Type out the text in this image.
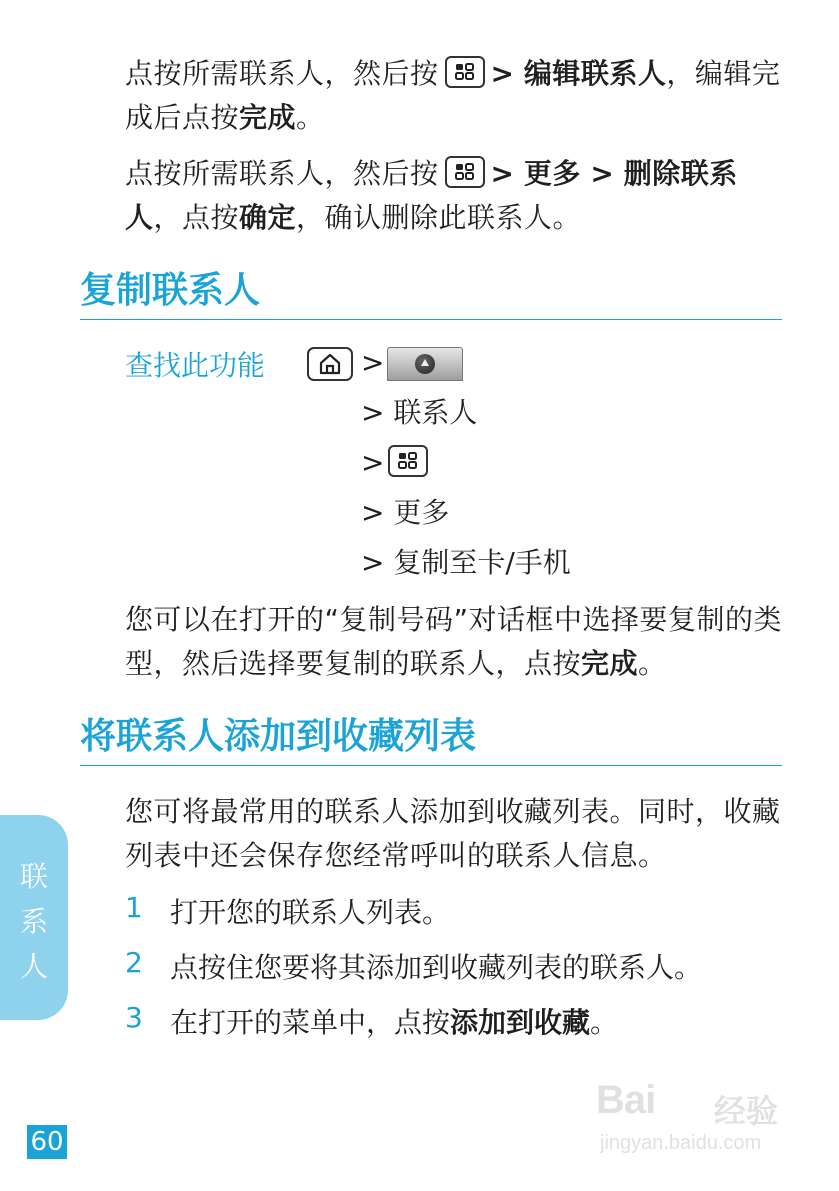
点按所需联系人，然后按 > 编辑联系人，编辑完成后点按完成。
点按所需联系人，然后按 > 更多 > 删除联系人，点按确定，确认删除此联系人。
复制联系人
查找此功能	>
> 联系人
>
> 更多
> 复制至卡/手机
您可以在打开的“复制号码”对话框中选择要复制的类型，然后选择要复制的联系人，点按完成。
将联系人添加到收藏列表
您可将最常用的联系人添加到收藏列表。同时，收藏列表中还会保存您经常呼叫的联系人信息。
1 打开您的联系人列表。
2 点按住您要将其添加到收藏列表的联系人。
3 在打开的菜单中，点按添加到收藏。
联
系
人
60
Bai 经验
jingyan.baidu.com
